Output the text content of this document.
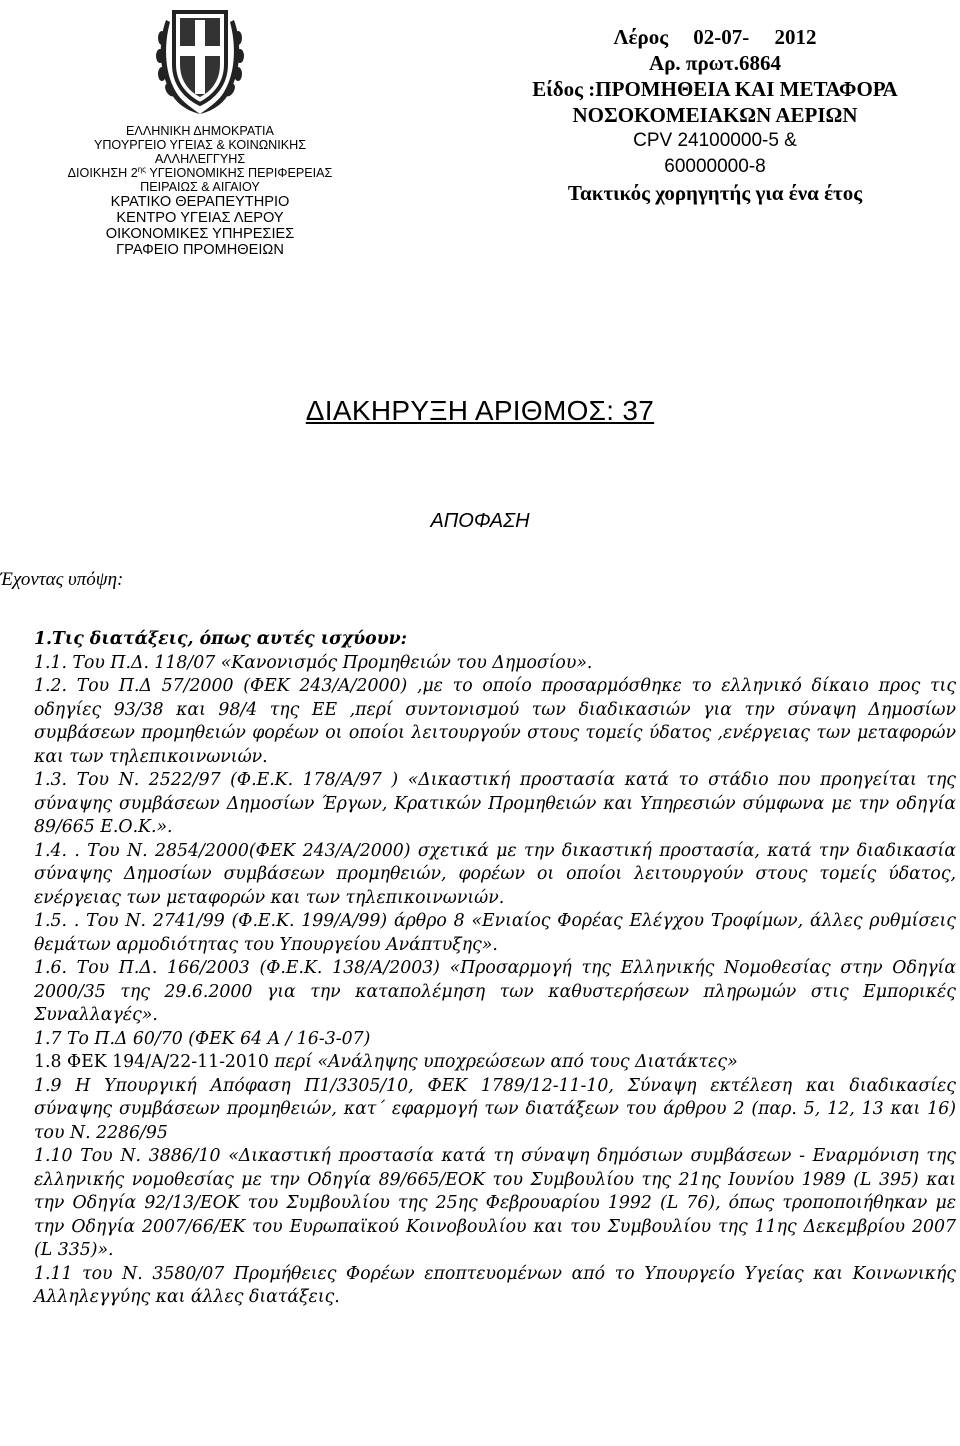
ΕΛΛΗΝΙΚΗ ΔΗΜΟΚΡΑΤΙΑ
ΥΠΟΥΡΓΕΙΟ ΥΓΕΙΑΣ & ΚΟΙΝΩΝΙΚΗΣ
ΑΛΛΗΛΕΓΓΥΗΣ
ΔΙΟΙΚΗΣΗ $2^{\eta\varsigma}$ ΥΓΕΙΟΝΟΜΙΚΗΣ ΠΕΡΙΦΕΡΕΙΑΣ
ΠΕΙΡΑΙΩΣ & ΑΙΓΑΙΟΥ
ΚΡΑΤΙΚΟ ΘΕΡΑΠΕΥΤΗΡΙΟ
ΚΕΝΤΡΟ ΥΓΕΙΑΣ ΛΕΡΟΥ
ΟΙΚΟΝΟΜΙΚΕΣ ΥΠΗΡΕΣΙΕΣ
ΓΡΑΦΕΙΟ ΠΡΟΜΗΘΕΙΩΝ
Λέρος 02-07- 2012
Αρ. πρωτ.6864
Είδος :ΠΡΟΜΗΘΕΙΑ ΚΑΙ ΜΕΤΑΦΟΡΑ
ΝΟΣΟΚΟΜΕΙΑΚΩΝ ΑΕΡΙΩΝ
CPV 24100000-5 &
60000000-8
Τακτικός χορηγητής για ένα έτος
ΔΙΑΚΗΡΥΞΗ ΑΡΙΘΜΟΣ: 37
ΑΠΟΦΑΣΗ
Έχοντας υπόψη:

1.Τις διατάξεις, όπως αυτές ισχύουν:

1.1. Του Π.Δ. 118/07 «Κανονισμός Προμηθειών του Δημοσίου».

1.2. Του Π.Δ 57/2000 (ΦΕΚ 243/Α/2000) ,με το οποίο προσαρμόσθηκε το ελληνικό δίκαιο προς τις οδηγίες 93/38 και 98/4 της ΕΕ ,περί συντονισμού των διαδικασιών για την σύναψη Δημοσίων συμβάσεων προμηθειών φορέων οι οποίοι λειτουργούν στους τομείς ύδατος ,ενέργειας των μεταφορών και των τηλεπικοινωνιών.

1.3. Του Ν. 2522/97 (Φ.Ε.Κ. 178/Α/97 ) «Δικαστική προστασία κατά το στάδιο που προηγείται της σύναψης συμβάσεων Δημοσίων Έργων, Κρατικών Προμηθειών και Υπηρεσιών σύμφωνα με την οδηγία 89/665 Ε.Ο.Κ.».

1.4. . Του Ν. 2854/2000(ΦΕΚ 243/Α/2000) σχετικά με την δικαστική προστασία, κατά την διαδικασία σύναψης Δημοσίων συμβάσεων προμηθειών, φορέων οι οποίοι λειτουργούν στους τομείς ύδατος, ενέργειας των μεταφορών και των τηλεπικοινωνιών.

1.5. . Του Ν. 2741/99 (Φ.Ε.Κ. 199/Α/99) άρθρο 8 «Ενιαίος Φορέας Ελέγχου Τροφίμων, άλλες ρυθμίσεις θεμάτων αρμοδιότητας του Υπουργείου Ανάπτυξης».

1.6. Του Π.Δ. 166/2003 (Φ.Ε.Κ. 138/Α/2003) «Προσαρμογή της Ελληνικής Νομοθεσίας στην Οδηγία 2000/35 της 29.6.2000 για την καταπολέμηση των καθυστερήσεων πληρωμών στις Εμπορικές Συναλλαγές».

1.7 Το Π.Δ 60/70 (ΦΕΚ 64 Α / 16-3-07)

1.8 ΦΕΚ 194/Α/22-11-2010 περί «Ανάληψης υποχρεώσεων από τους Διατάκτες»

1.9 Η Υπουργική Απόφαση Π1/3305/10, ΦΕΚ 1789/12-11-10, Σύναψη εκτέλεση και διαδικασίες σύναψης συμβάσεων προμηθειών, κατ΄ εφαρμογή των διατάξεων του άρθρου 2 (παρ. 5, 12, 13 και 16) του Ν. 2286/95

1.10 Του Ν. 3886/10 «Δικαστική προστασία κατά τη σύναψη δημόσιων συμβάσεων - Εναρμόνιση της ελληνικής νομοθεσίας με την Οδηγία 89/665/ΕΟΚ του Συμβουλίου της 21ης Ιουνίου 1989 (L 395) και την Οδηγία 92/13/ΕΟΚ του Συμβουλίου της 25ης Φεβρουαρίου 1992 (L 76), όπως τροποποιήθηκαν με την Οδηγία 2007/66/ΕΚ του Ευρωπαϊκού Κοινοβουλίου και του Συμβουλίου της 11ης Δεκεμβρίου 2007 (L 335)».

1.11 του Ν. 3580/07 Προμήθειες Φορέων εποπτευομένων από το Υπουργείο Υγείας και Κοινωνικής Αλληλεγγύης και άλλες διατάξεις.
